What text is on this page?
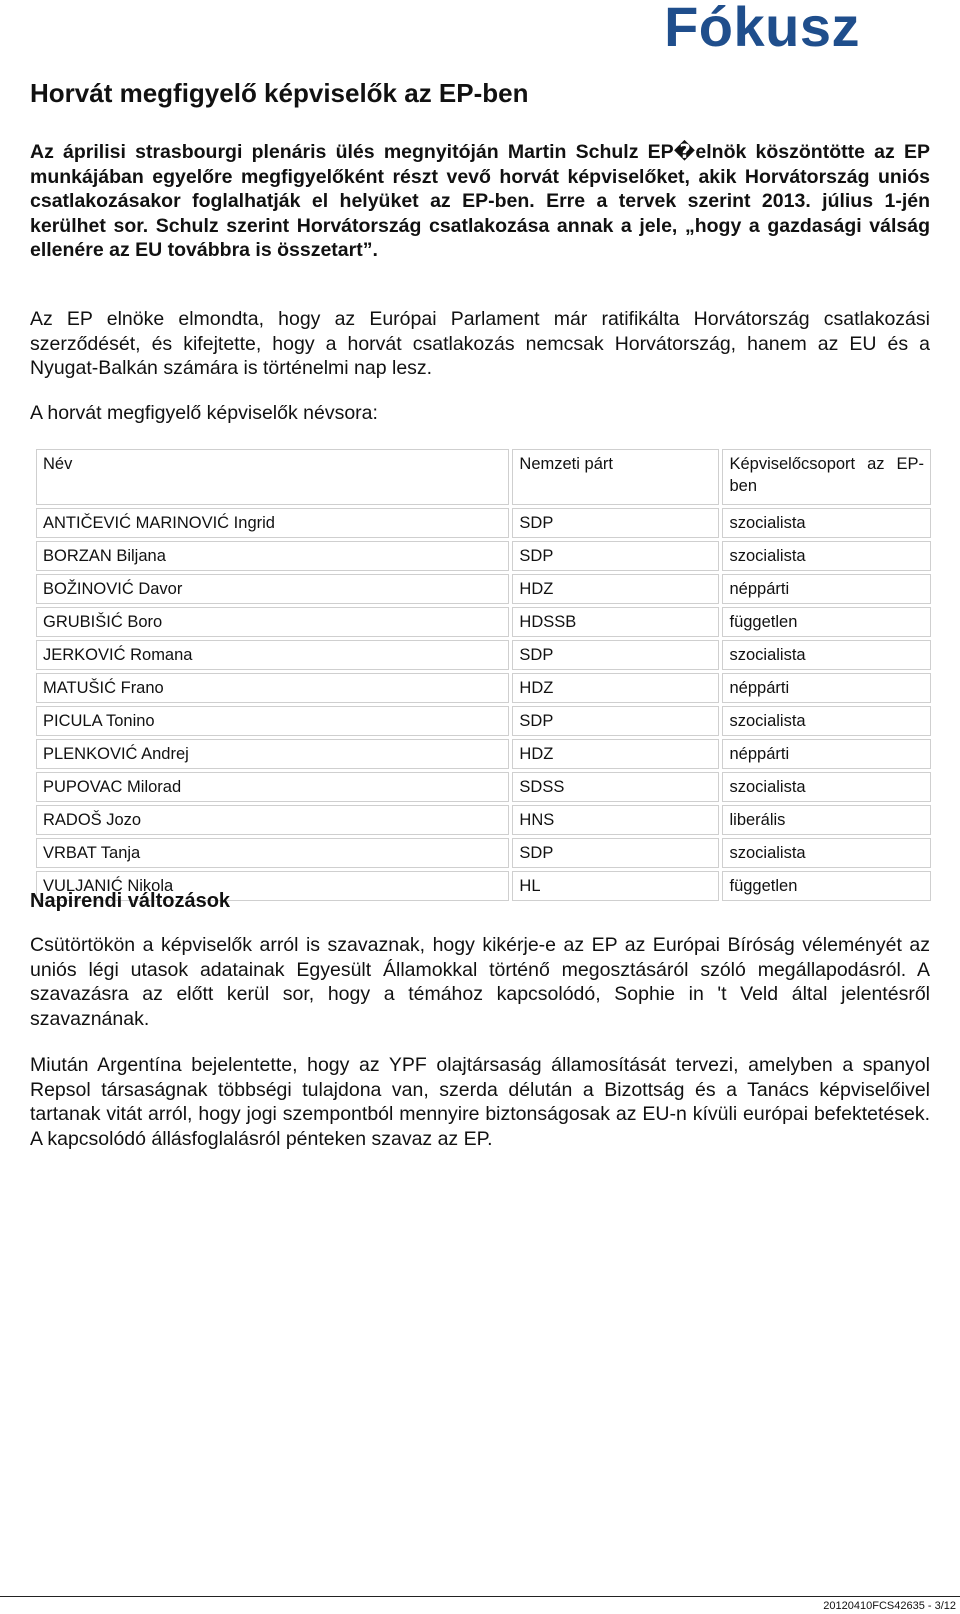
Fókusz
Horvát megfigyelő képviselők az EP-ben

Az áprilisi strasbourgi plenáris ülés megnyitóján Martin Schulz EP�elnök köszöntötte az EP munkájában egyelőre megfigyelőként részt vevő horvát képviselőket, akik Horvátország uniós csatlakozásakor foglalhatják el helyüket az EP-ben. Erre a tervek szerint 2013. július 1-jén kerülhet sor. Schulz szerint Horvátország csatlakozása annak a jele, „hogy a gazdasági válság ellenére az EU továbbra is összetart”.

Az EP elnöke elmondta, hogy az Európai Parlament már ratifikálta Horvátország csatlakozási szerződését, és kifejtette, hogy a horvát csatlakozás nemcsak Horvátország, hanem az EU és a Nyugat-Balkán számára is történelmi nap lesz.

A horvát megfigyelő képviselők névsora:

Név	Nemzeti párt	Képviselőcsoport az EP-ben
ANTIČEVIĆ MARINOVIĆ Ingrid	SDP	szocialista
BORZAN Biljana	SDP	szocialista
BOŽINOVIĆ Davor	HDZ	néppárti
GRUBIŠIĆ Boro	HDSSB	független
JERKOVIĆ Romana	SDP	szocialista
MATUŠIĆ Frano	HDZ	néppárti
PICULA Tonino	SDP	szocialista
PLENKOVIĆ Andrej	HDZ	néppárti
PUPOVAC Milorad	SDSS	szocialista
RADOŠ Jozo	HNS	liberális
VRBAT Tanja	SDP	szocialista
VULJANIĆ Nikola	HL	független
Napirendi változások

Csütörtökön a képviselők arról is szavaznak, hogy kikérje-e az EP az Európai Bíróság véleményét az uniós légi utasok adatainak Egyesült Államokkal történő megosztásáról szóló megállapodásról. A szavazásra az előtt kerül sor, hogy a témához kapcsolódó, Sophie in 't Veld által jelentésről szavaznának.

Miután Argentína bejelentette, hogy az YPF olajtársaság államosítását tervezi, amelyben a spanyol Repsol társaságnak többségi tulajdona van, szerda délután a Bizottság és a Tanács képviselőivel tartanak vitát arról, hogy jogi szempontból mennyire biztonságosak az EU-n kívüli európai befektetések. A kapcsolódó állásfoglalásról pénteken szavaz az EP.

20120410FCS42635 - 3/12
